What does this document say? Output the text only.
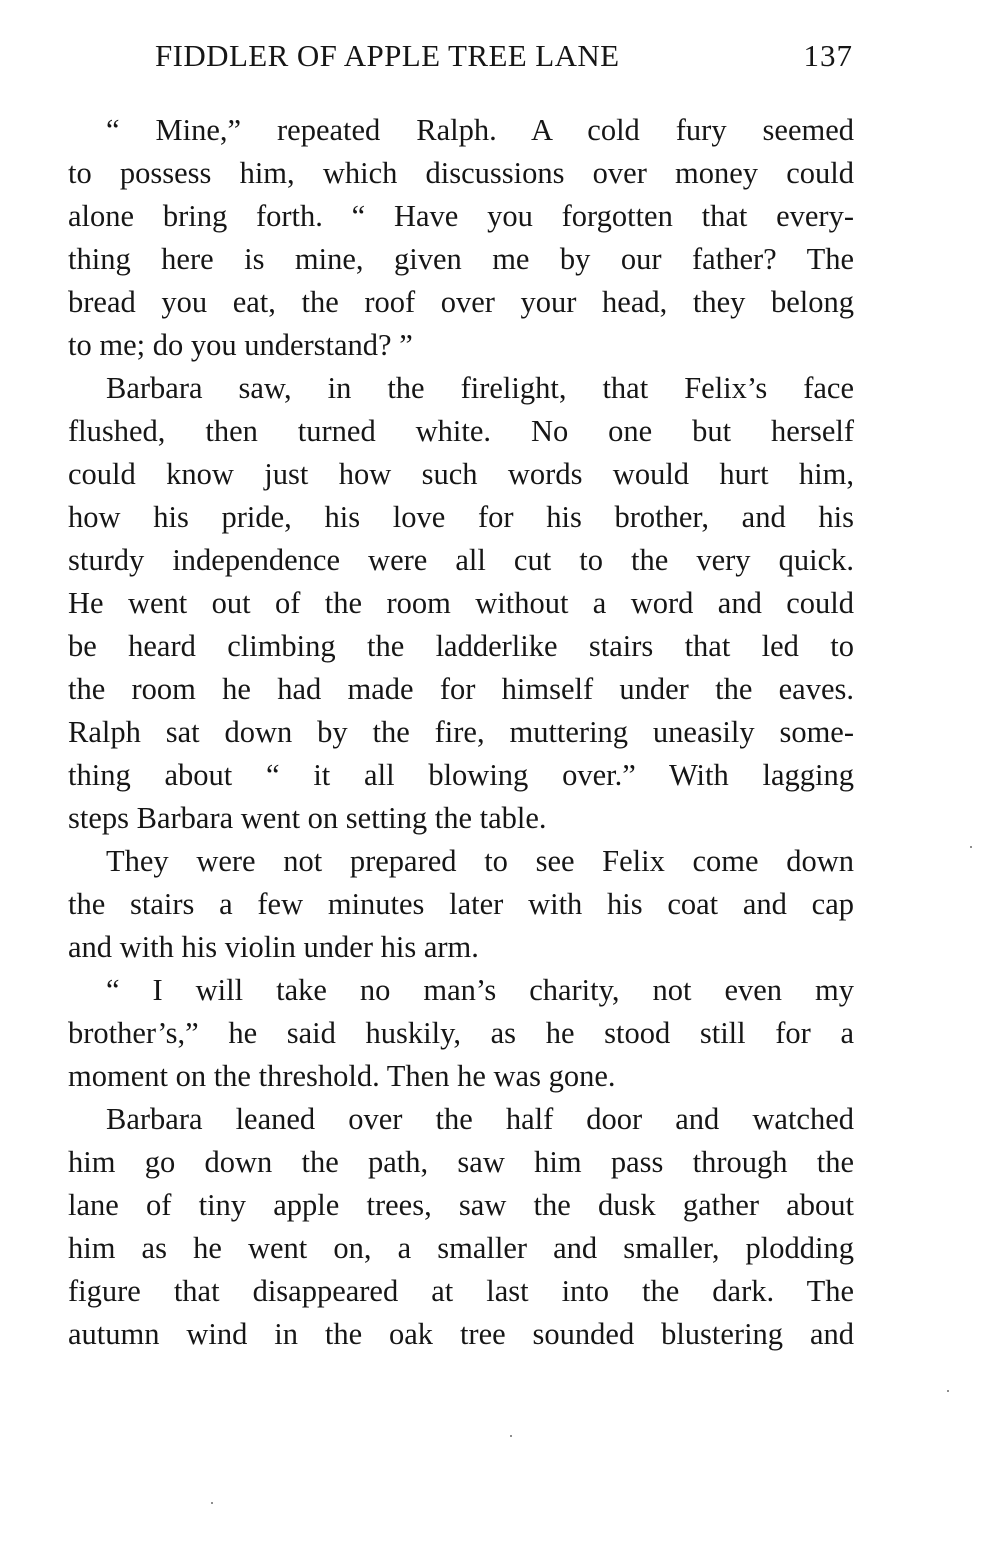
FIDDLER OF APPLE TREE LANE	137

“ Mine,” repeated Ralph. A cold fury seemed
to possess him, which discussions over money could
alone bring forth. “ Have you forgotten that every-
thing here is mine, given me by our father? The
bread you eat, the roof over your head, they belong
to me; do you understand? ”

Barbara saw, in the firelight, that Felix’s face
flushed, then turned white. No one but herself
could know just how such words would hurt him,
how his pride, his love for his brother, and his
sturdy independence were all cut to the very quick.
He went out of the room without a word and could
be heard climbing the ladderlike stairs that led to
the room he had made for himself under the eaves.
Ralph sat down by the fire, muttering uneasily some-
thing about “ it all blowing over.” With lagging
steps Barbara went on setting the table.

They were not prepared to see Felix come down
the stairs a few minutes later with his coat and cap
and with his violin under his arm.

“ I will take no man’s charity, not even my
brother’s,” he said huskily, as he stood still for a
moment on the threshold. Then he was gone.

Barbara leaned over the half door and watched
him go down the path, saw him pass through the
lane of tiny apple trees, saw the dusk gather about
him as he went on, a smaller and smaller, plodding
figure that disappeared at last into the dark. The
autumn wind in the oak tree sounded blustering and
